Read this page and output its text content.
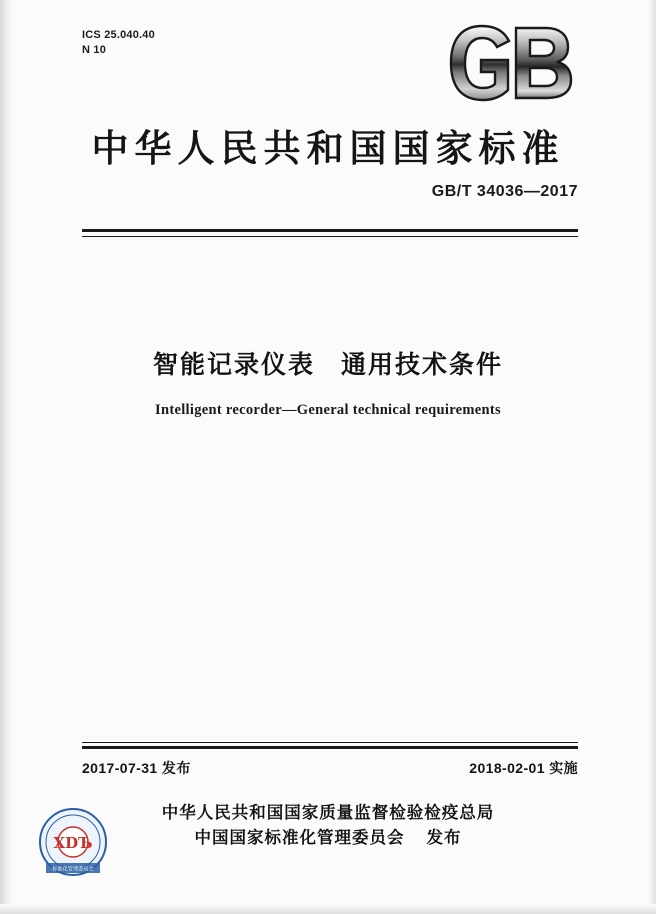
ICS 25.040.40
N 10
中华人民共和国国家标准
GB/T 34036—2017
智能记录仪表 通用技术条件
Intelligent recorder—General technical requirements
2017-07-31 发布	2018-02-01 实施
中华人民共和国国家质量监督检验检疫总局
中国国家标准化管理委员会 发布
ХDЪ
标准化管理委员会
